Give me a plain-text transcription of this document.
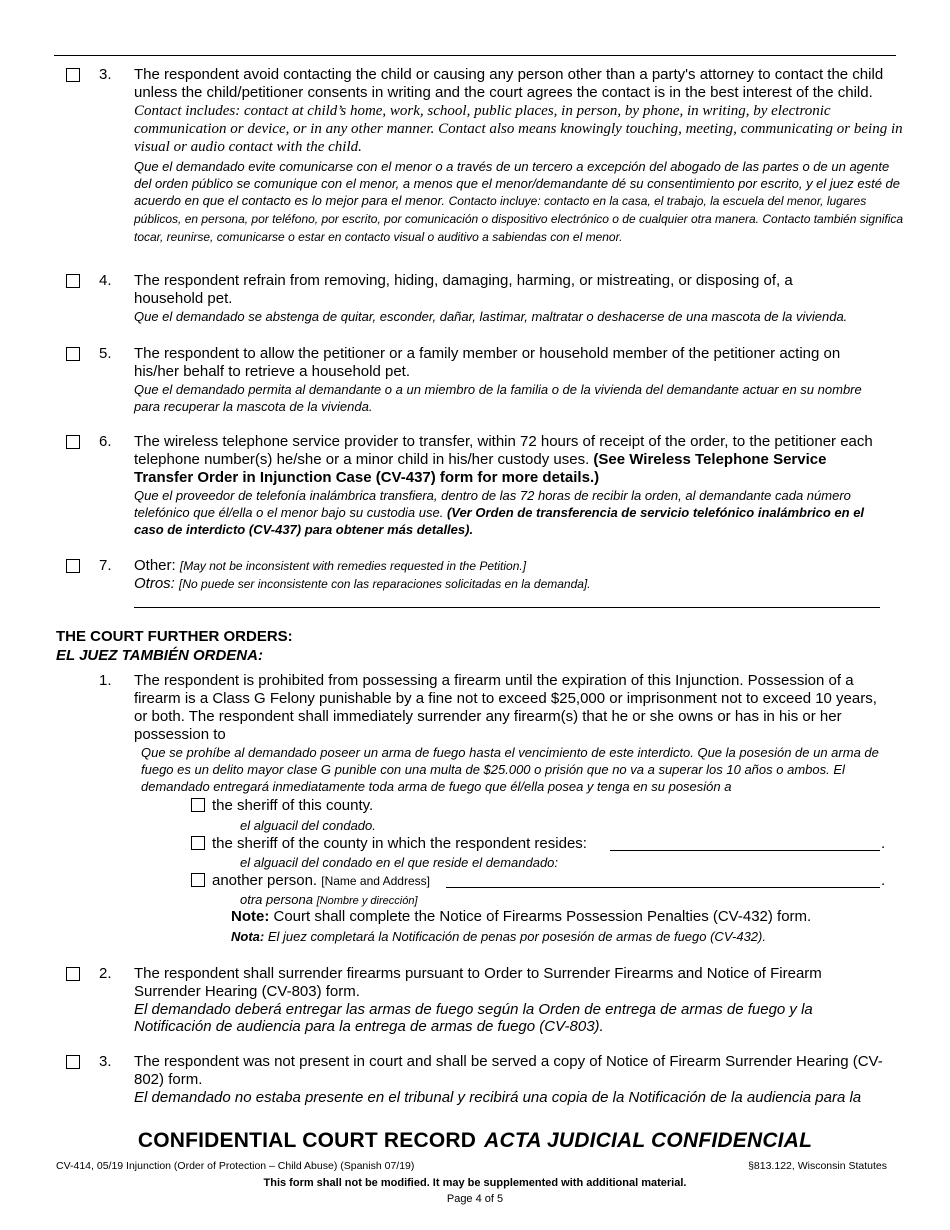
3. The respondent avoid contacting the child or causing any person other than a party's attorney to contact the child unless the child/petitioner consents in writing and the court agrees the contact is in the best interest of the child. Contact includes: contact at child’s home, work, school, public places, in person, by phone, in writing, by electronic communication or device, or in any other manner. Contact also means knowingly touching, meeting, communicating or being in visual or audio contact with the child.
Que el demandado evite comunicarse con el menor o a través de un tercero a excepción del abogado de las partes o de un agente del orden público se comunique con el menor, a menos que el menor/demandante dé su consentimiento por escrito, y el juez esté de acuerdo en que el contacto es lo mejor para el menor. Contacto incluye: contacto en la casa, el trabajo, la escuela del menor, lugares públicos, en persona, por teléfono, por escrito, por comunicación o dispositivo electrónico o de cualquier otra manera. Contacto también significa tocar, reunirse, comunicarse o estar en contacto visual o auditivo a sabiendas con el menor.
4. The respondent refrain from removing, hiding, damaging, harming, or mistreating, or disposing of, a household pet.
Que el demandado se abstenga de quitar, esconder, dañar, lastimar, maltratar o deshacerse de una mascota de la vivienda.
5. The respondent to allow the petitioner or a family member or household member of the petitioner acting on his/her behalf to retrieve a household pet.
Que el demandado permita al demandante o a un miembro de la familia o de la vivienda del demandante actuar en su nombre para recuperar la mascota de la vivienda.
6. The wireless telephone service provider to transfer, within 72 hours of receipt of the order, to the petitioner each telephone number(s) he/she or a minor child in his/her custody uses. (See Wireless Telephone Service Transfer Order in Injunction Case (CV-437) form for more details.)
Que el proveedor de telefonía inalámbrica transfiera, dentro de las 72 horas de recibir la orden, al demandante cada número telefónico que él/ella o el menor bajo su custodia use. (Ver Orden de transferencia de servicio telefónico inalámbrico en el caso de interdicto (CV-437) para obtener más detalles).
7. Other: [May not be inconsistent with remedies requested in the Petition.]
Otros: [No puede ser inconsistente con las reparaciones solicitadas en la demanda].
THE COURT FURTHER ORDERS:
EL JUEZ TAMBIÉN ORDENA:
1. The respondent is prohibited from possessing a firearm until the expiration of this Injunction. Possession of a firearm is a Class G Felony punishable by a fine not to exceed $25,000 or imprisonment not to exceed 10 years, or both. The respondent shall immediately surrender any firearm(s) that he or she owns or has in his or her possession to
Que se prohíbe al demandado poseer un arma de fuego hasta el vencimiento de este interdicto. Que la posesión de un arma de fuego es un delito mayor clase G punible con una multa de $25.000 o prisión que no va a superar los 10 años o ambos. El demandado entregará inmediatamente toda arma de fuego que él/ella posea y tenga en su posesión a
the sheriff of this county.
el alguacil del condado.
the sheriff of the county in which the respondent resides:	.
el alguacil del condado en el que reside el demandado:
another person. [Name and Address]	.
otra persona [Nombre y dirección]
Note: Court shall complete the Notice of Firearms Possession Penalties (CV-432) form.
Nota: El juez completará la Notificación de penas por posesión de armas de fuego (CV-432).
2. The respondent shall surrender firearms pursuant to Order to Surrender Firearms and Notice of Firearm Surrender Hearing (CV-803) form.
El demandado deberá entregar las armas de fuego según la Orden de entrega de armas de fuego y la Notificación de audiencia para la entrega de armas de fuego (CV-803).
3. The respondent was not present in court and shall be served a copy of Notice of Firearm Surrender Hearing (CV-802) form.
El demandado no estaba presente en el tribunal y recibirá una copia de la Notificación de la audiencia para la
CONFIDENTIAL COURT RECORD ACTA JUDICIAL CONFIDENCIAL
CV-414, 05/19 Injunction (Order of Protection – Child Abuse) (Spanish 07/19)	§813.122, Wisconsin Statutes
This form shall not be modified. It may be supplemented with additional material.
Page 4 of 5
